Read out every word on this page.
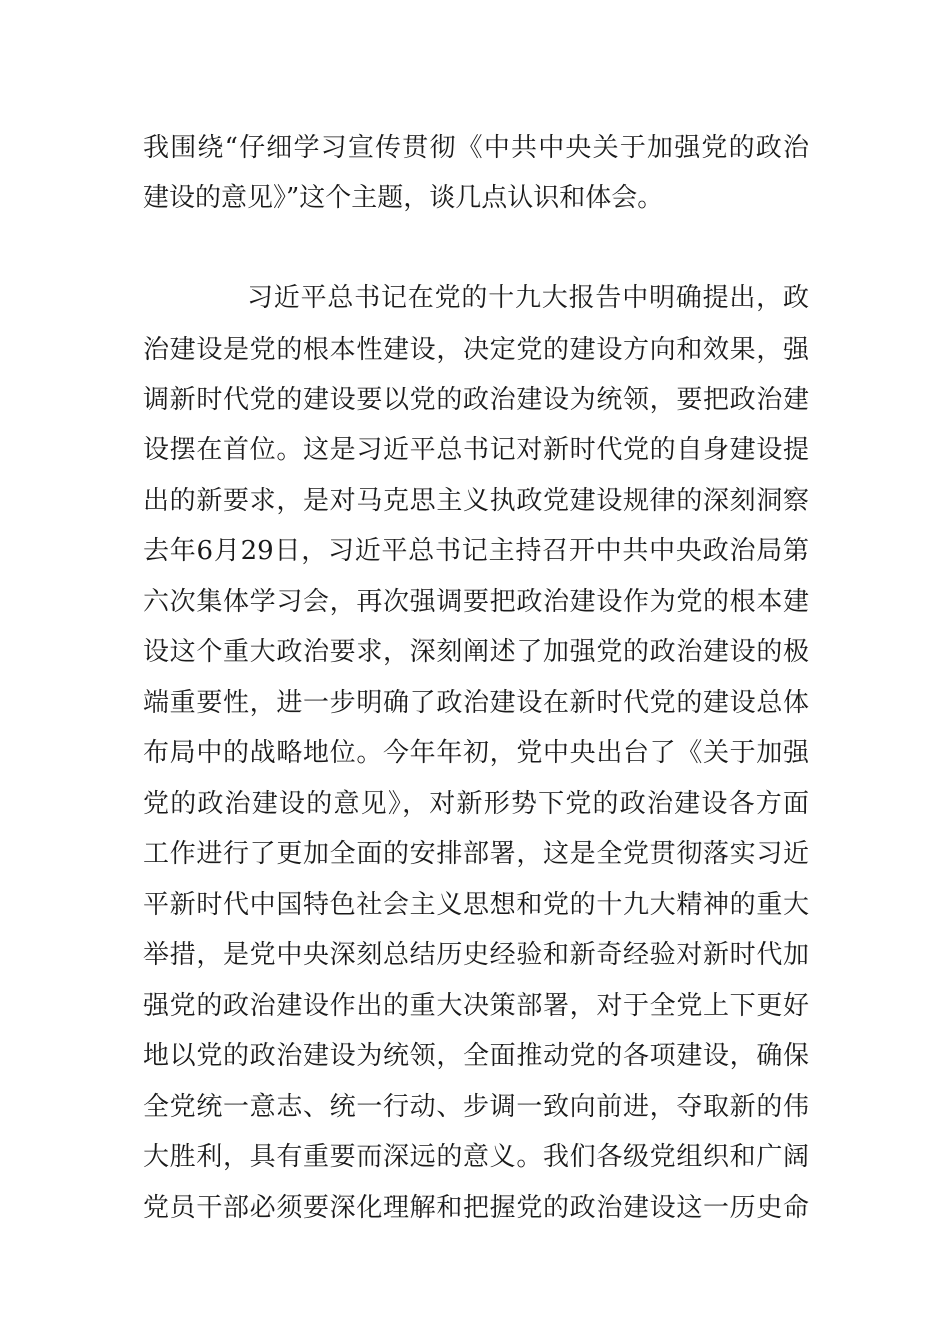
我围绕“仔细学习宣传贯彻《中共中央关于加强党的政治
建设的意见》”这个主题，谈几点认识和体会。
习近平总书记在党的十九大报告中明确提出，政
治建设是党的根本性建设，决定党的建设方向和效果，强
调新时代党的建设要以党的政治建设为统领，要把政治建
设摆在首位。这是习近平总书记对新时代党的自身建设提
出的新要求，是对马克思主义执政党建设规律的深刻洞察
去年6月29日，习近平总书记主持召开中共中央政治局第
六次集体学习会，再次强调要把政治建设作为党的根本建
设这个重大政治要求，深刻阐述了加强党的政治建设的极
端重要性，进一步明确了政治建设在新时代党的建设总体
布局中的战略地位。今年年初，党中央出台了《关于加强
党的政治建设的意见》，对新形势下党的政治建设各方面
工作进行了更加全面的安排部署，这是全党贯彻落实习近
平新时代中国特色社会主义思想和党的十九大精神的重大
举措，是党中央深刻总结历史经验和新奇经验对新时代加
强党的政治建设作出的重大决策部署，对于全党上下更好
地以党的政治建设为统领，全面推动党的各项建设，确保
全党统一意志、统一行动、步调一致向前进，夺取新的伟
大胜利，具有重要而深远的意义。我们各级党组织和广阔
党员干部必须要深化理解和把握党的政治建设这一历史命
